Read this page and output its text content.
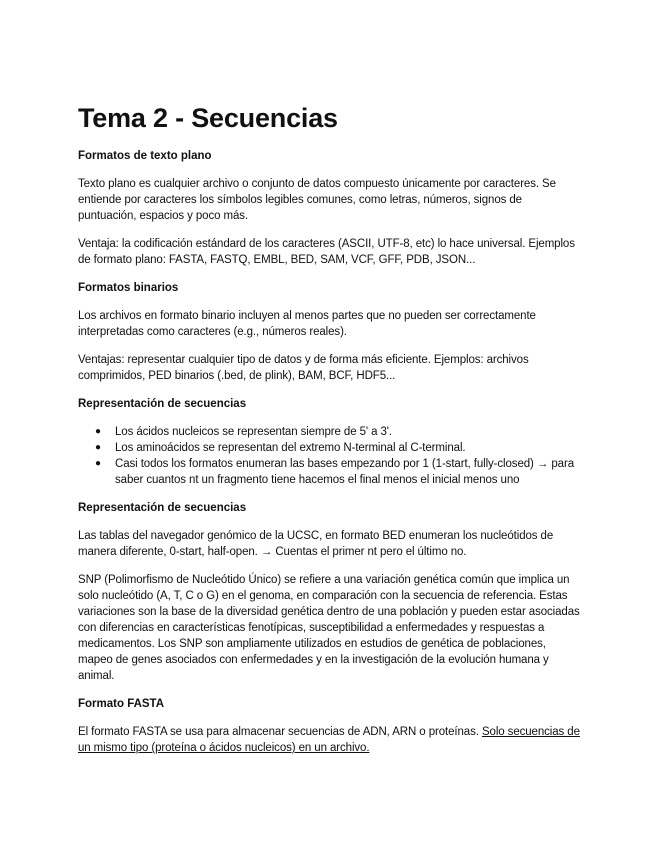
Tema 2 - Secuencias
Formatos de texto plano

Texto plano es cualquier archivo o conjunto de datos compuesto únicamente por caracteres. Se entiende por caracteres los símbolos legibles comunes, como letras, números, signos de puntuación, espacios y poco más.

Ventaja: la codificación estándard de los caracteres (ASCII, UTF-8, etc) lo hace universal. Ejemplos de formato plano: FASTA, FASTQ, EMBL, BED, SAM, VCF, GFF, PDB, JSON...

Formatos binarios

Los archivos en formato binario incluyen al menos partes que no pueden ser correctamente interpretadas como caracteres (e.g., números reales).

Ventajas: representar cualquier tipo de datos y de forma más eficiente. Ejemplos: archivos comprimidos, PED binarios (.bed, de plink), BAM, BCF, HDF5...

Representación de secuencias
● Los ácidos nucleicos se representan siempre de 5' a 3'.
● Los aminoácidos se representan del extremo N-terminal al C-terminal.
● Casi todos los formatos enumeran las bases empezando por 1 (1-start, fully-closed) → para saber cuantos nt un fragmento tiene hacemos el final menos el inicial menos uno
Representación de secuencias

Las tablas del navegador genómico de la UCSC, en formato BED enumeran los nucleótidos de manera diferente, 0-start, half-open. → Cuentas el primer nt pero el último no.

SNP (Polimorfismo de Nucleótido Único) se refiere a una variación genética común que implica un solo nucleótido (A, T, C o G) en el genoma, en comparación con la secuencia de referencia. Estas variaciones son la base de la diversidad genética dentro de una población y pueden estar asociadas con diferencias en características fenotípicas, susceptibilidad a enfermedades y respuestas a medicamentos. Los SNP son ampliamente utilizados en estudios de genética de poblaciones, mapeo de genes asociados con enfermedades y en la investigación de la evolución humana y animal.

Formato FASTA

El formato FASTA se usa para almacenar secuencias de ADN, ARN o proteínas. Solo secuencias de un mismo tipo (proteína o ácidos nucleicos) en un archivo.
